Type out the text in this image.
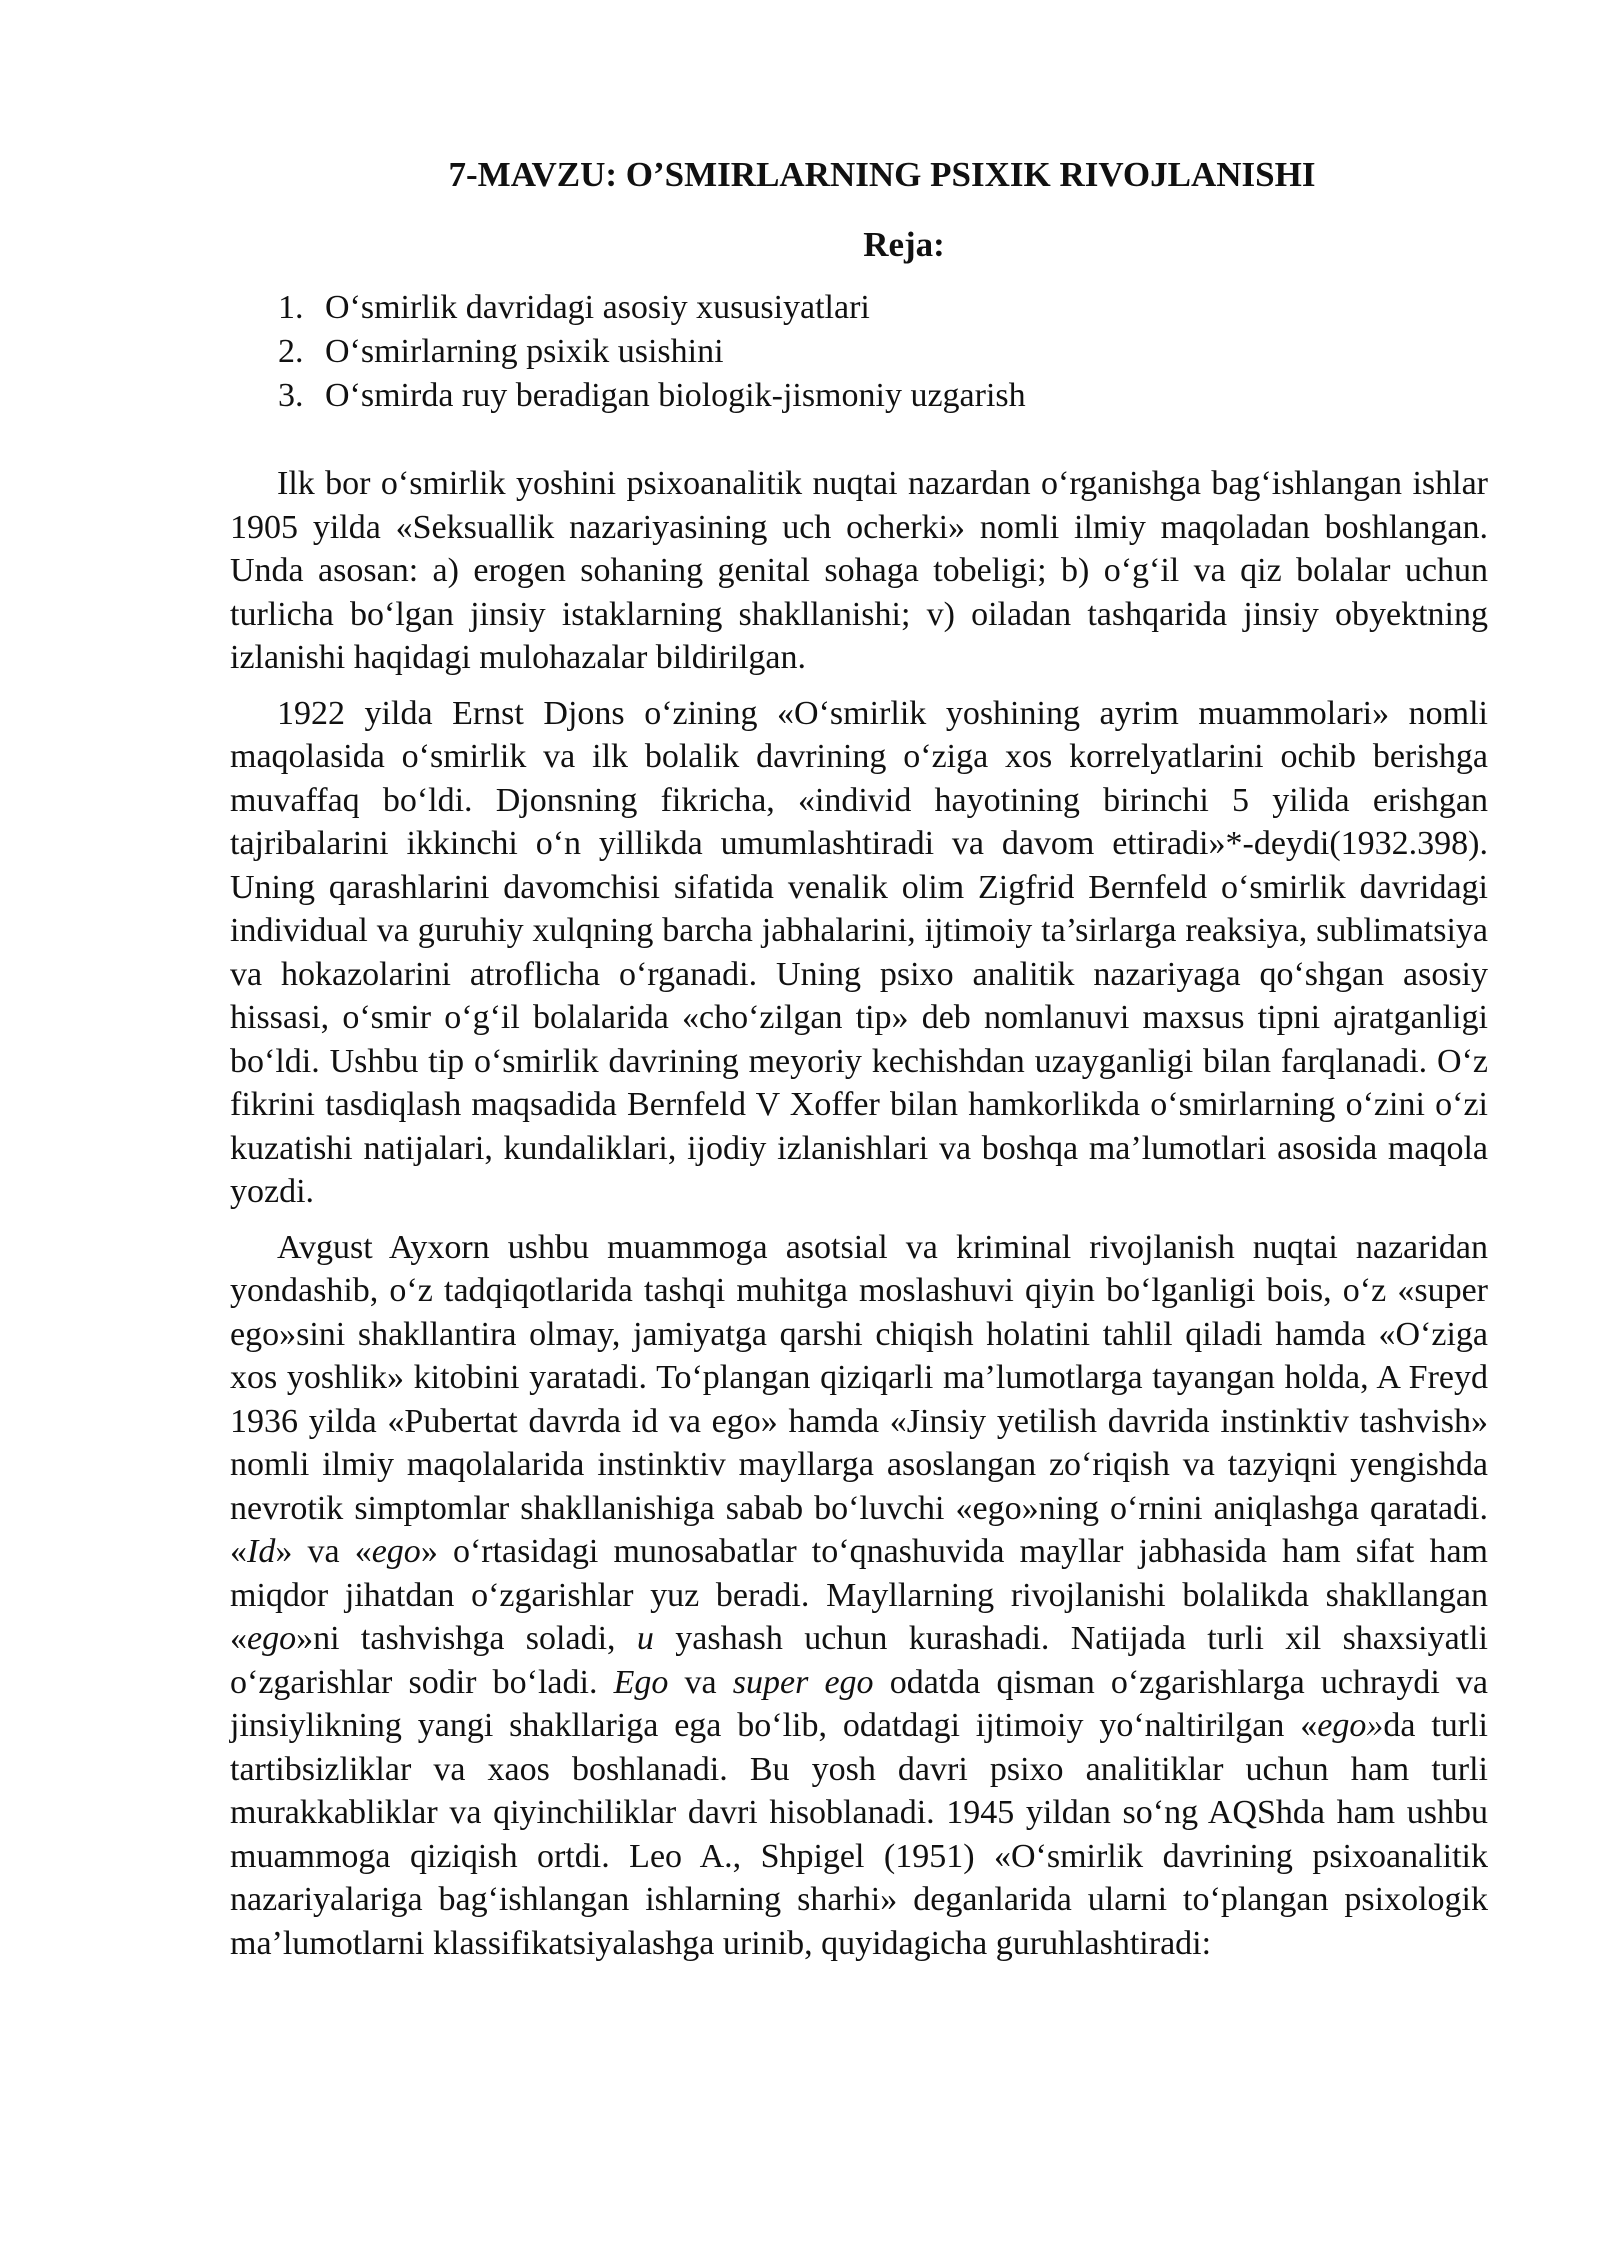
7-MAVZU: O’SMIRLARNING PSIXIK RIVOJLANISHI
Reja:
1. O‘smirlik davridagi asosiy xususiyatlari
2. O‘smirlarning psixik usishini
3. O‘smirda ruy beradigan biologik-jismoniy uzgarish

Ilk bor o‘smirlik yoshini psixoanalitik nuqtai nazardan o‘rganishga bag‘ishlangan ishlar 1905 yilda «Seksuallik nazariyasining uch ocherki» nomli ilmiy maqoladan boshlangan. Unda asosan: a) erogen sohaning genital sohaga tobeligi; b) o‘g‘il va qiz bolalar uchun turlicha bo‘lgan jinsiy istaklarning shakllanishi; v) oiladan tashqarida jinsiy obyektning izlanishi haqidagi mulohazalar bildirilgan.

1922 yilda Ernst Djons o‘zining «O‘smirlik yoshining ayrim muammolari» nomli maqolasida o‘smirlik va ilk bolalik davrining o‘ziga xos korrelyatlarini ochib berishga muvaffaq bo‘ldi. Djonsning fikricha, «individ hayotining birinchi 5 yilida erishgan tajribalarini ikkinchi o‘n yillikda umumlashtiradi va davom ettiradi»*-deydi(1932.398). Uning qarashlarini davomchisi sifatida venalik olim Zigfrid Bernfeld o‘smirlik davridagi individual va guruhiy xulqning barcha jabhalarini, ijtimoiy ta’sirlarga reaksiya, sublimatsiya va hokazolarini atroflicha o‘rganadi. Uning psixo analitik nazariyaga qo‘shgan asosiy hissasi, o‘smir o‘g‘il bolalarida «cho‘zilgan tip» deb nomlanuvi maxsus tipni ajratganligi bo‘ldi. Ushbu tip o‘smirlik davrining meyoriy kechishdan uzayganligi bilan farqlanadi. O‘z fikrini tasdiqlash maqsadida Bernfeld V Xoffer bilan hamkorlikda o‘smirlarning o‘zini o‘zi kuzatishi natijalari, kundaliklari, ijodiy izlanishlari va boshqa ma’lumotlari asosida maqola yozdi.

Avgust Ayxorn ushbu muammoga asotsial va kriminal rivojlanish nuqtai nazaridan yondashib, o‘z tadqiqotlarida tashqi muhitga moslashuvi qiyin bo‘lganligi bois, o‘z «super ego»sini shakllantira olmay, jamiyatga qarshi chiqish holatini tahlil qiladi hamda «O‘ziga xos yoshlik» kitobini yaratadi. To‘plangan qiziqarli ma’lumotlarga tayangan holda, A Freyd 1936 yilda «Pubertat davrda id va ego» hamda «Jinsiy yetilish davrida instinktiv tashvish» nomli ilmiy maqolalarida instinktiv mayllarga asoslangan zo‘riqish va tazyiqni yengishda nevrotik simptomlar shakllanishiga sabab bo‘luvchi «ego»ning o‘rnini aniqlashga qaratadi. «Id» va «ego» o‘rtasidagi munosabatlar to‘qnashuvida mayllar jabhasida ham sifat ham miqdor jihatdan o‘zgarishlar yuz beradi. Mayllarning rivojlanishi bolalikda shakllangan «ego»ni tashvishga soladi, u yashash uchun kurashadi. Natijada turli xil shaxsiyatli o‘zgarishlar sodir bo‘ladi. Ego va super ego odatda qisman o‘zgarishlarga uchraydi va jinsiylikning yangi shakllariga ega bo‘lib, odatdagi ijtimoiy yo‘naltirilgan «ego»da turli tartibsizliklar va xaos boshlanadi. Bu yosh davri psixo analitiklar uchun ham turli murakkabliklar va qiyinchiliklar davri hisoblanadi. 1945 yildan so‘ng AQShda ham ushbu muammoga qiziqish ortdi. Leo A., Shpigel (1951) «O‘smirlik davrining psixoanalitik nazariyalariga bag‘ishlangan ishlarning sharhi» deganlarida ularni to‘plangan psixologik ma’lumotlarni klassifikatsiyalashga urinib, quyidagicha guruhlashtiradi:
